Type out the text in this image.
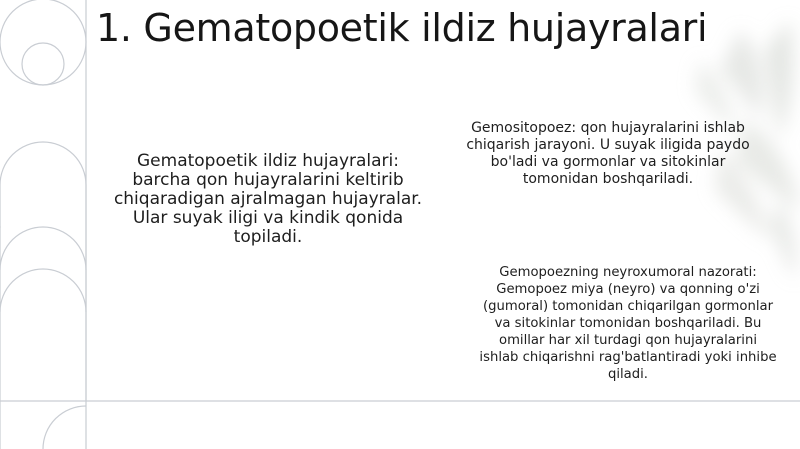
1. Gematopoetik ildiz hujayralari
Gematopoetik ildiz hujayralari: barcha qon hujayralarini keltirib chiqaradigan ajralmagan hujayralar. Ular suyak iligi va kindik qonida topiladi.
Gemositopoez: qon hujayralarini ishlab chiqarish jarayoni. U suyak iligida paydo bo'ladi va gormonlar va sitokinlar tomonidan boshqariladi.
Gemopoezning neyroxumoral nazorati: Gemopoez miya (neyro) va qonning o'zi (gumoral) tomonidan chiqarilgan gormonlar va sitokinlar tomonidan boshqariladi. Bu omillar har xil turdagi qon hujayralarini ishlab chiqarishni rag'batlantiradi yoki inhibe qiladi.
